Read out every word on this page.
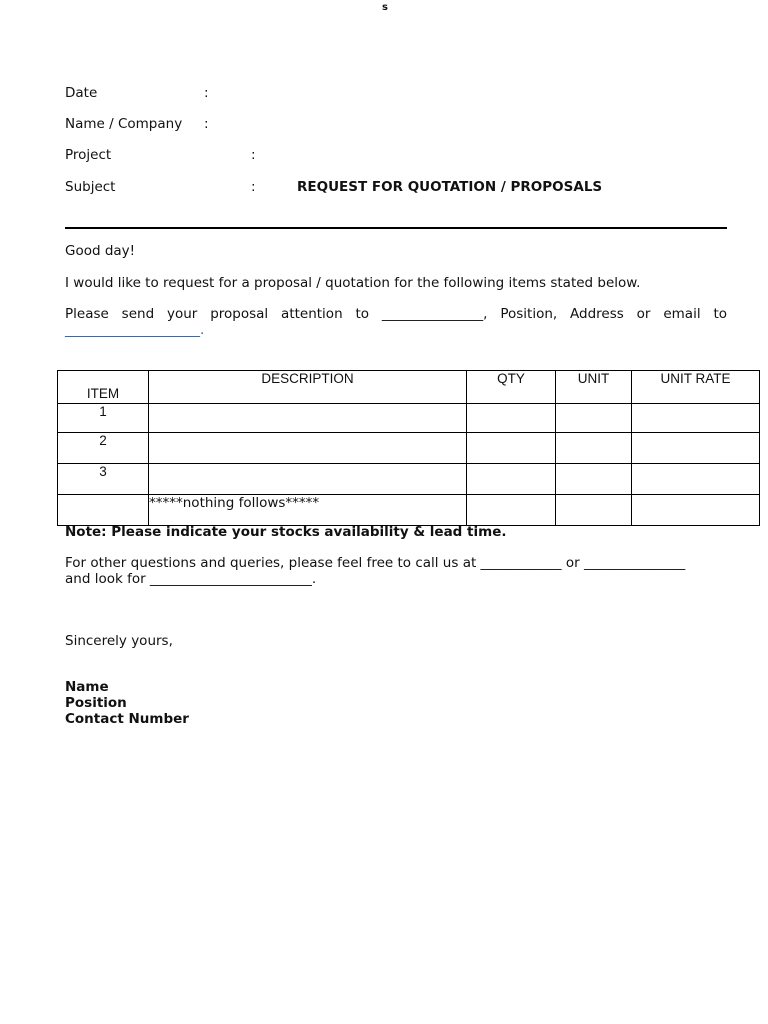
s
Date	:
Name / Company :
Project	:
Subject	:	REQUEST FOR QUOTATION / PROPOSALS
Good day!
I would like to request for a proposal / quotation for the following items stated below.
Please send your proposal attention to _______________, Position, Address or email to
____________________.
ITEM	DESCRIPTION	QTY	UNIT	UNIT RATE
1				
2				
3				
	*****nothing follows*****			
Note: Please indicate your stocks availability & lead time.
For other questions and queries, please feel free to call us at ____________ or _______________
and look for ________________________.
Sincerely yours,
Name
Position
Contact Number
